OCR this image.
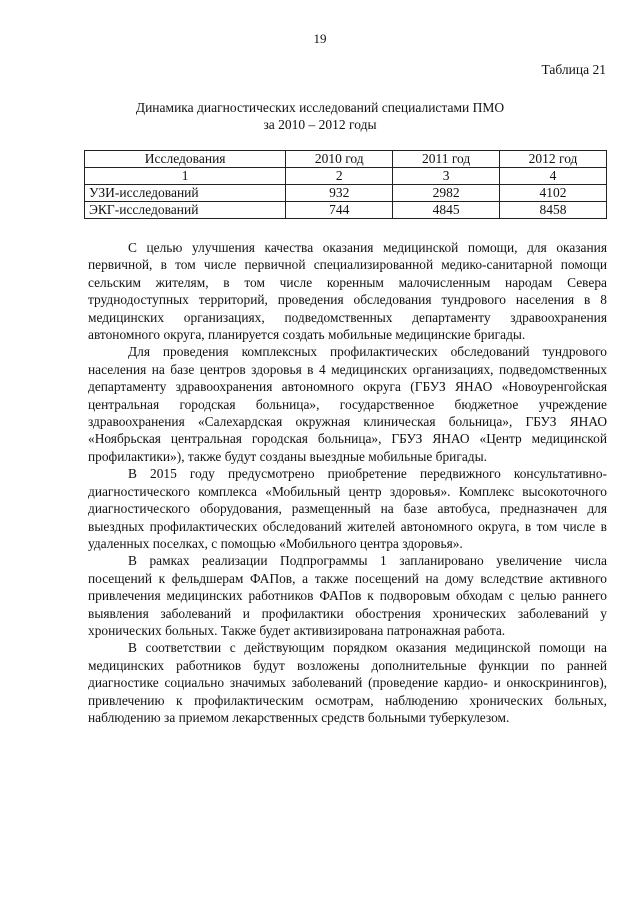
19
Таблица 21
Динамика диагностических исследований специалистами ПМО
за 2010 – 2012 годы
Исследования	2010 год	2011 год	2012 год
1	2	3	4
УЗИ-исследований	932	2982	4102
ЭКГ-исследований	744	4845	8458

С целью улучшения качества оказания медицинской помощи, для оказания первичной, в том числе первичной специализированной медико-санитарной помощи сельским жителям, в том числе коренным малочисленным народам Севера труднодоступных территорий, проведения обследования тундрового населения в 8 медицинских организациях, подведомственных департаменту здравоохранения автономного округа, планируется создать мобильные медицинские бригады.

Для проведения комплексных профилактических обследований тундрового населения на базе центров здоровья в 4 медицинских организациях, подведомственных департаменту здравоохранения автономного округа (ГБУЗ ЯНАО «Новоуренгойская центральная городская больница», государственное бюджетное учреждение здравоохранения «Салехардская окружная клиническая больница», ГБУЗ ЯНАО «Ноябрьская центральная городская больница», ГБУЗ ЯНАО «Центр медицинской профилактики»), также будут созданы выездные мобильные бригады.

В 2015 году предусмотрено приобретение передвижного консультативно-диагностического комплекса «Мобильный центр здоровья». Комплекс высокоточного диагностического оборудования, размещенный на базе автобуса, предназначен для выездных профилактических обследований жителей автономного округа, в том числе в удаленных поселках, с помощью «Мобильного центра здоровья».

В рамках реализации Подпрограммы 1 запланировано увеличение числа посещений к фельдшерам ФАПов, а также посещений на дому вследствие активного привлечения медицинских работников ФАПов к подворовым обходам с целью раннего выявления заболеваний и профилактики обострения хронических заболеваний у хронических больных. Также будет активизирована патронажная работа.

В соответствии с действующим порядком оказания медицинской помощи на медицинских работников будут возложены дополнительные функции по ранней диагностике социально значимых заболеваний (проведение кардио- и онкоскринингов), привлечению к профилактическим осмотрам, наблюдению хронических больных, наблюдению за приемом лекарственных средств больными туберкулезом.
